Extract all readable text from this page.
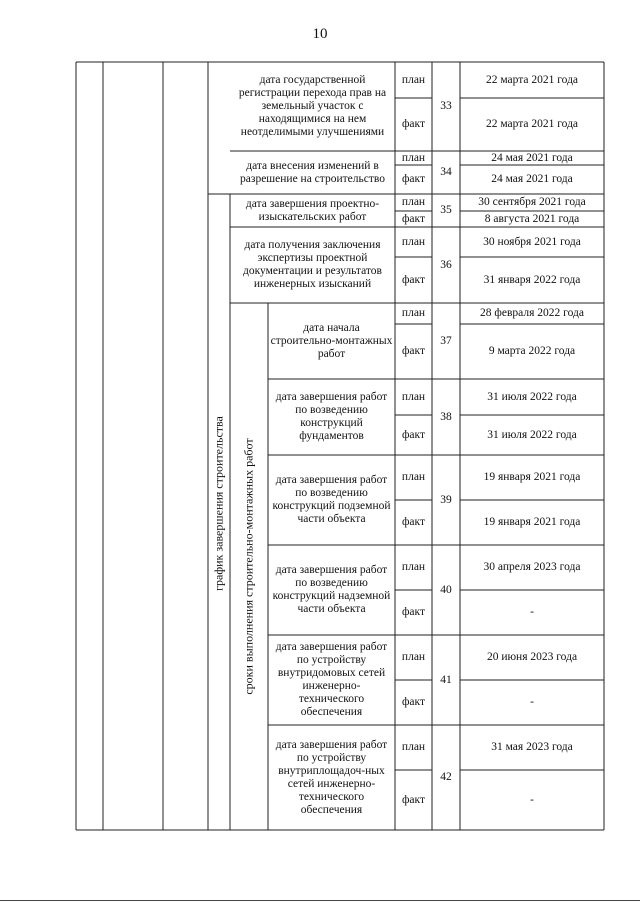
10
дата государственной регистрации перехода прав на земельный участок с находящимися на нем неотделимыми улучшениями
план
факт
33
22 марта 2021 года
22 марта 2021 года
дата внесения изменений в разрешение на строительство
план
факт
34
24 мая 2021 года
24 мая 2021 года
дата завершения проектно-изыскательских работ
план
факт
35
30 сентября 2021 года
8 августа 2021 года
дата получения заключения экспертизы проектной документации и результатов инженерных изысканий
план
факт
36
30 ноября 2021 года
31 января 2022 года
дата начала строительно-монтажных работ
план
факт
37
28 февраля 2022 года
9 марта 2022 года
дата завершения работ по возведению конструкций фундаментов
план
факт
38
31 июля 2022 года
31 июля 2022 года
дата завершения работ по возведению конструкций подземной части объекта
план
факт
39
19 января 2021 года
19 января 2021 года
дата завершения работ по возведению конструкций надземной части объекта
план
факт
40
30 апреля 2023 года
-
дата завершения работ по устройству внутридомовых сетей инженерно-технического обеспечения
план
факт
41
20 июня 2023 года
-
дата завершения работ по устройству внутриплощадоч-ных сетей инженерно-технического обеспечения
план
факт
42
31 мая 2023 года
-
график завершения строительства сроки выполнения строительно-монтажных работ
